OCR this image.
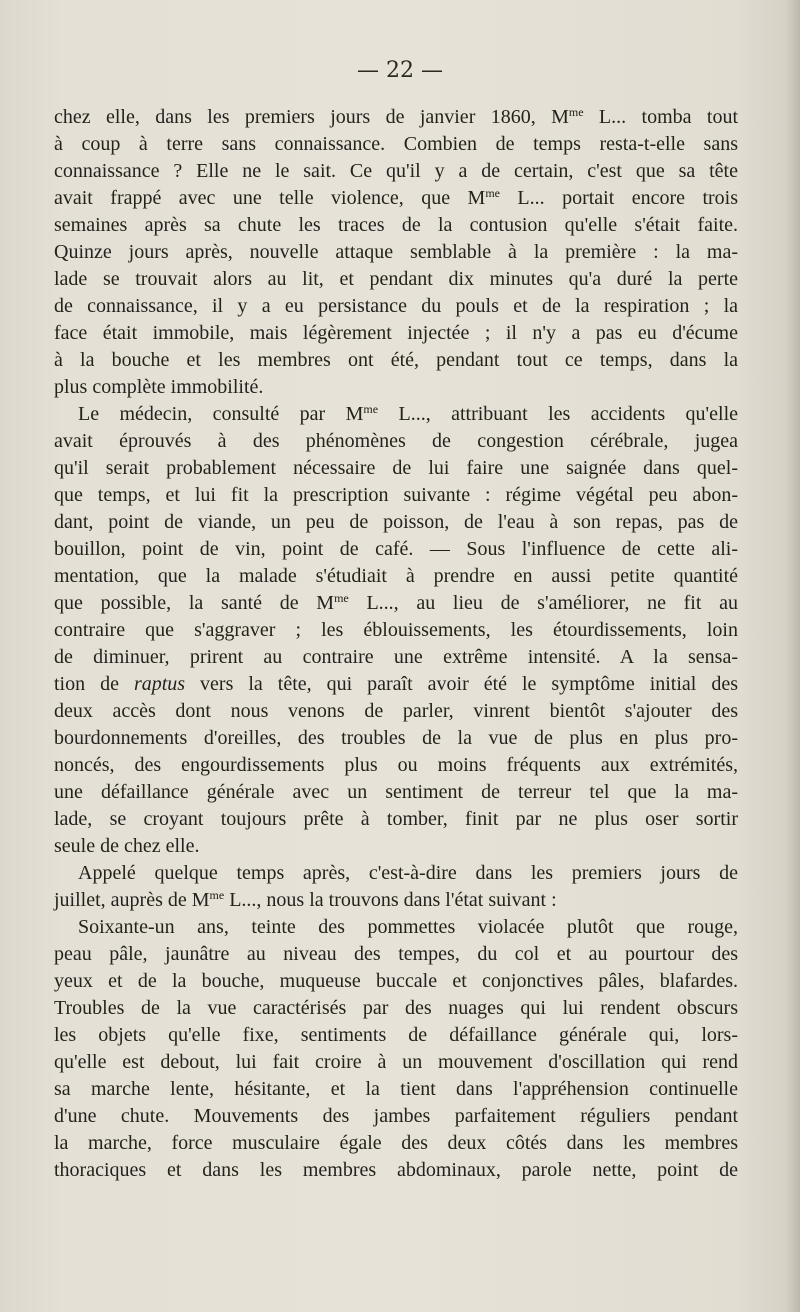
— 22 —
chez elle, dans les premiers jours de janvier 1860, $M^{me}$ L... tomba tout
à coup à terre sans connaissance. Combien de temps resta-t-elle sans
connaissance ? Elle ne le sait. Ce qu'il y a de certain, c'est que sa tête
avait frappé avec une telle violence, que $M^{me}$ L... portait encore trois
semaines après sa chute les traces de la contusion qu'elle s'était faite.
Quinze jours après, nouvelle attaque semblable à la première : la ma-
lade se trouvait alors au lit, et pendant dix minutes qu'a duré la perte
de connaissance, il y a eu persistance du pouls et de la respiration ; la
face était immobile, mais légèrement injectée ; il n'y a pas eu d'écume
à la bouche et les membres ont été, pendant tout ce temps, dans la
plus complète immobilité.
Le médecin, consulté par $M^{me}$ L..., attribuant les accidents qu'elle
avait éprouvés à des phénomènes de congestion cérébrale, jugea
qu'il serait probablement nécessaire de lui faire une saignée dans quel-
que temps, et lui fit la prescription suivante : régime végétal peu abon-
dant, point de viande, un peu de poisson, de l'eau à son repas, pas de
bouillon, point de vin, point de café. — Sous l'influence de cette ali-
mentation, que la malade s'étudiait à prendre en aussi petite quantité
que possible, la santé de $M^{me}$ L..., au lieu de s'améliorer, ne fit au
contraire que s'aggraver ; les éblouissements, les étourdissements, loin
de diminuer, prirent au contraire une extrême intensité. A la sensa-
tion de raptus vers la tête, qui paraît avoir été le symptôme initial des
deux accès dont nous venons de parler, vinrent bientôt s'ajouter des
bourdonnements d'oreilles, des troubles de la vue de plus en plus pro-
noncés, des engourdissements plus ou moins fréquents aux extrémités,
une défaillance générale avec un sentiment de terreur tel que la ma-
lade, se croyant toujours prête à tomber, finit par ne plus oser sortir
seule de chez elle.
Appelé quelque temps après, c'est-à-dire dans les premiers jours de
juillet, auprès de $M^{me}$ L..., nous la trouvons dans l'état suivant :
Soixante-un ans, teinte des pommettes violacée plutôt que rouge,
peau pâle, jaunâtre au niveau des tempes, du col et au pourtour des
yeux et de la bouche, muqueuse buccale et conjonctives pâles, blafardes.
Troubles de la vue caractérisés par des nuages qui lui rendent obscurs
les objets qu'elle fixe, sentiments de défaillance générale qui, lors-
qu'elle est debout, lui fait croire à un mouvement d'oscillation qui rend
sa marche lente, hésitante, et la tient dans l'appréhension continuelle
d'une chute. Mouvements des jambes parfaitement réguliers pendant
la marche, force musculaire égale des deux côtés dans les membres
thoraciques et dans les membres abdominaux, parole nette, point de
